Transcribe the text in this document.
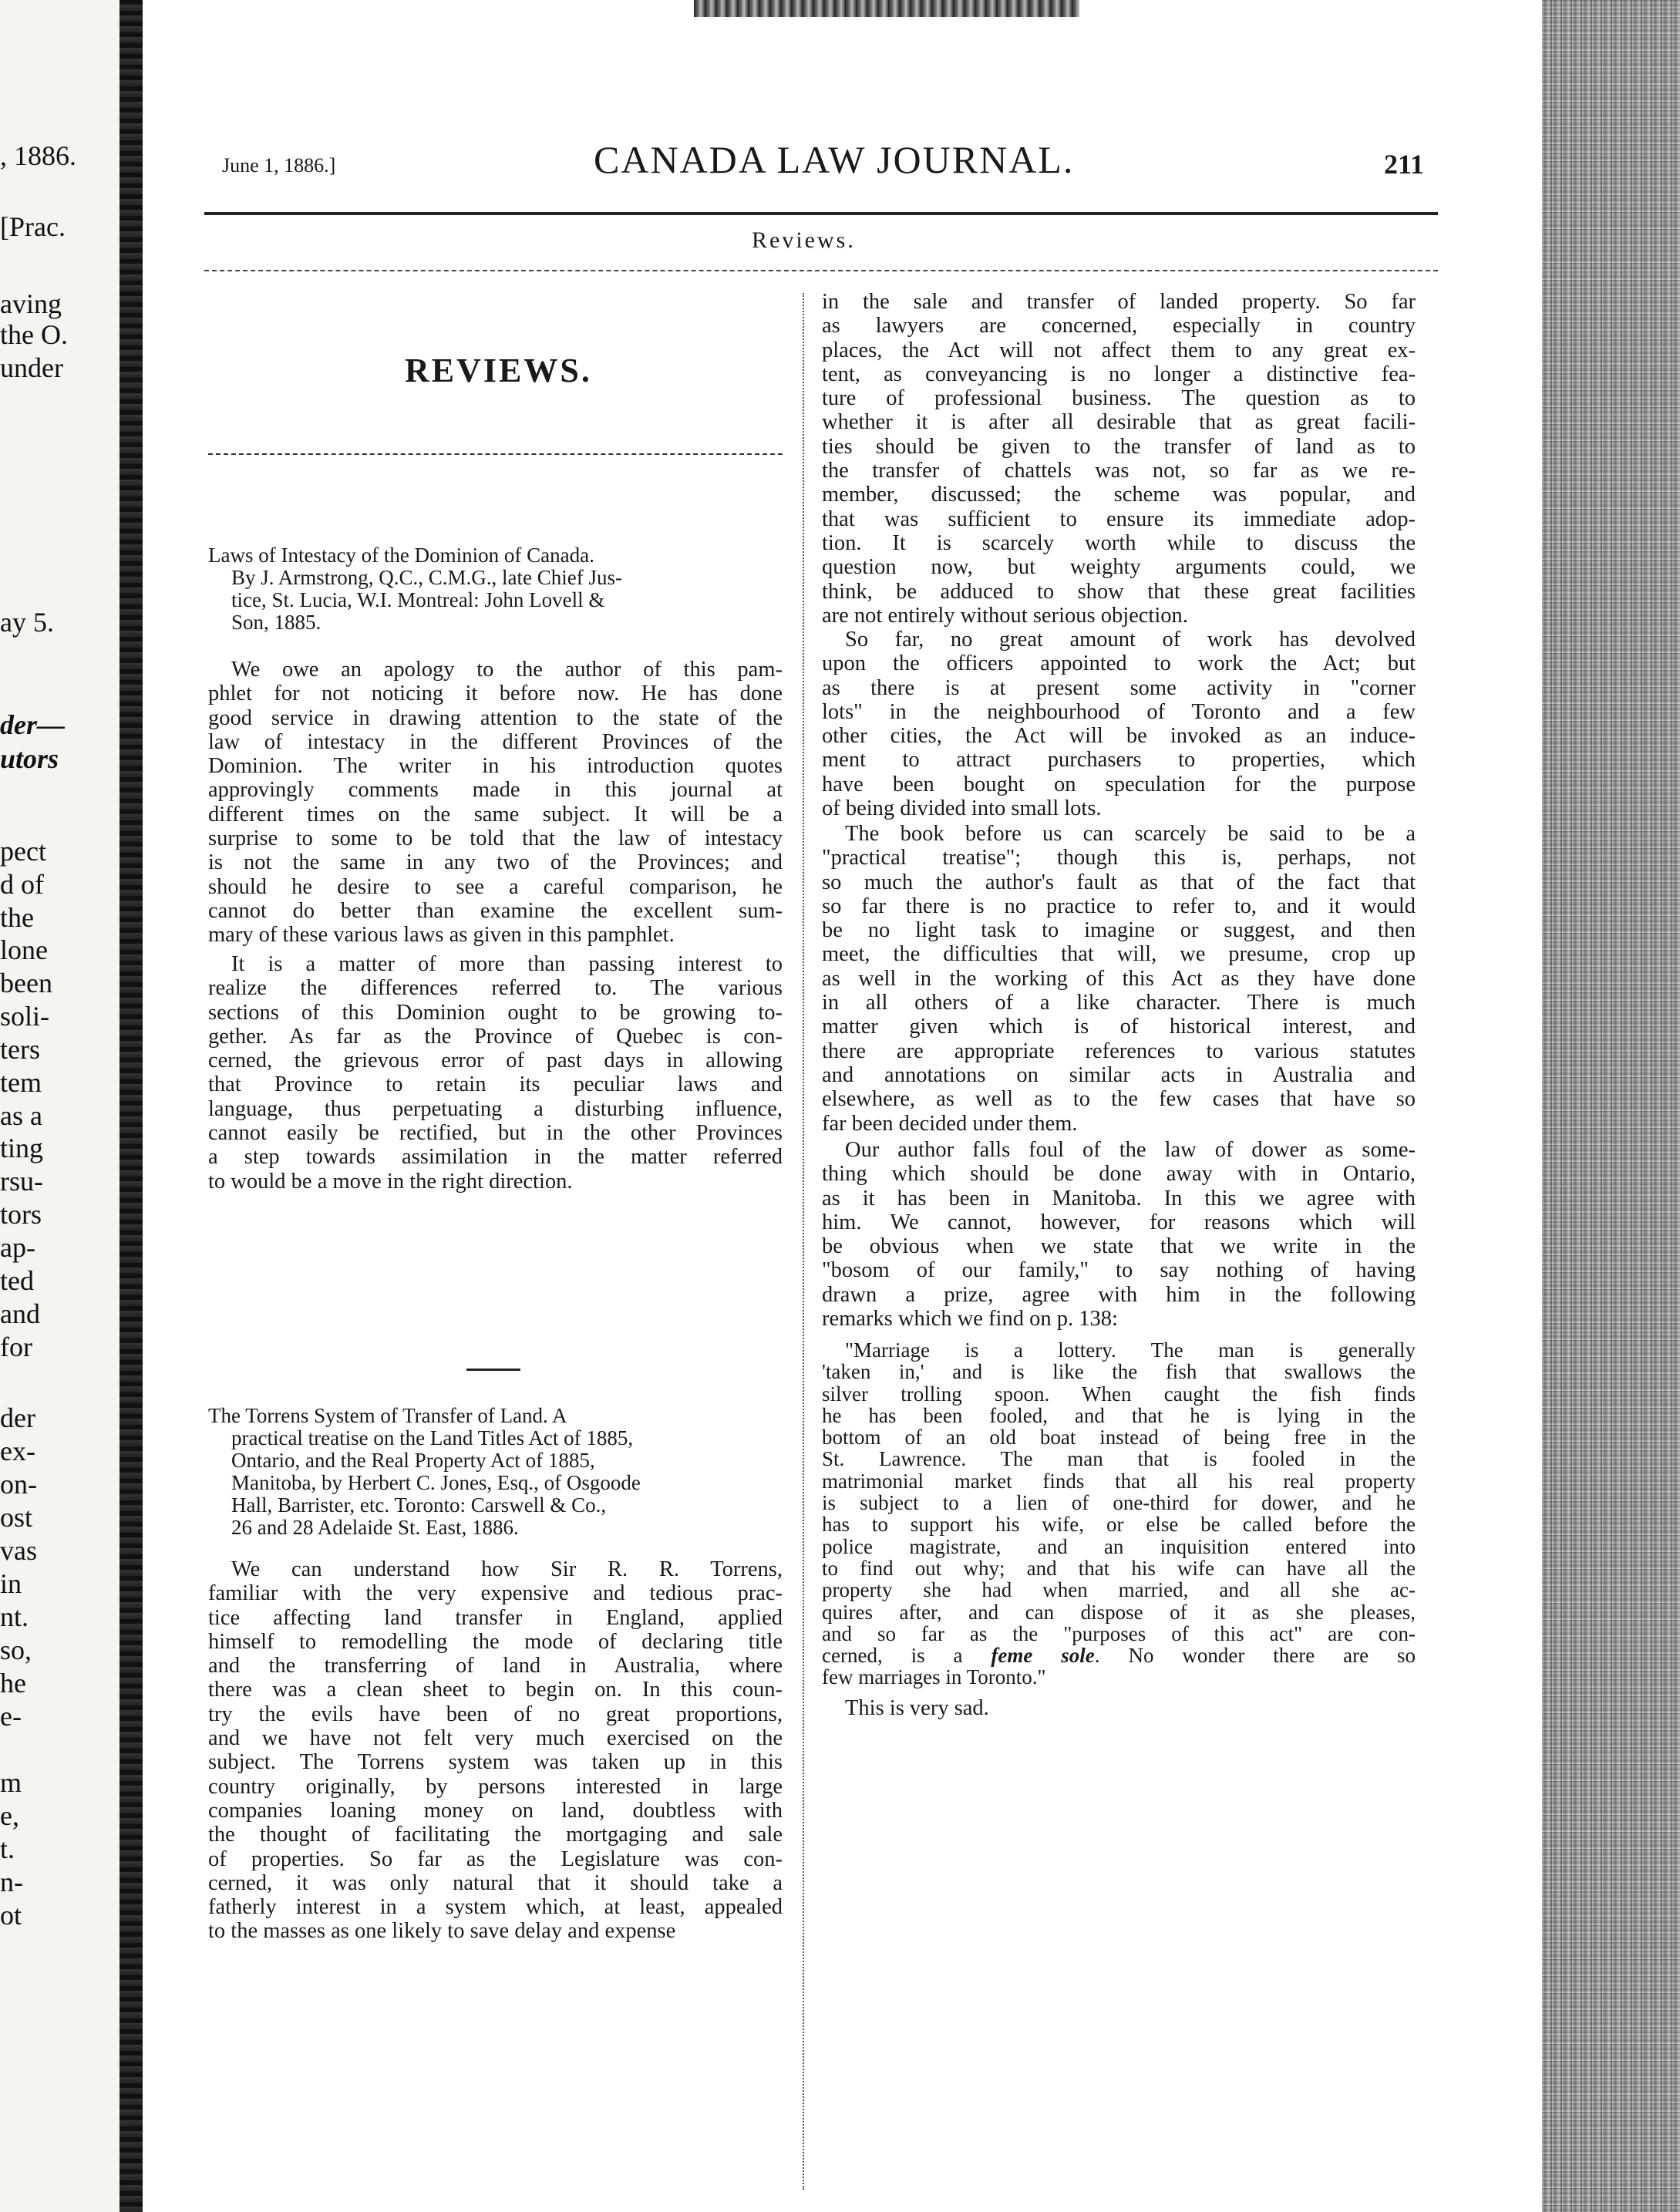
, 1886.
[Prac.
aving
the O.
under
ay 5.
der—
utors
pect
d of
the
lone
been
soli-
ters
tem
as a
ting
rsu-
tors
ap-
ted
and
for
der
ex-
on-
ost
vas
in
nt.
so,
he
e-
m
e,
t.
n-
ot
June 1, 1886.]	CANADA LAW JOURNAL.	211
Reviews.
REVIEWS.

Laws of Intestacy of the Dominion of Canada.
By J. Armstrong, Q.C., C.M.G., late Chief Jus-
tice, St. Lucia, W.I. Montreal: John Lovell &
Son, 1885.

We owe an apology to the author of this pam-
phlet for not noticing it before now. He has done
good service in drawing attention to the state of the
law of intestacy in the different Provinces of the
Dominion. The writer in his introduction quotes
approvingly comments made in this journal at
different times on the same subject. It will be a
surprise to some to be told that the law of intestacy
is not the same in any two of the Provinces; and
should he desire to see a careful comparison, he
cannot do better than examine the excellent sum-
mary of these various laws as given in this pamphlet.

It is a matter of more than passing interest to
realize the differences referred to. The various
sections of this Dominion ought to be growing to-
gether. As far as the Province of Quebec is con-
cerned, the grievous error of past days in allowing
that Province to retain its peculiar laws and
language, thus perpetuating a disturbing influence,
cannot easily be rectified, but in the other Provinces
a step towards assimilation in the matter referred
to would be a move in the right direction.

The Torrens System of Transfer of Land. A
practical treatise on the Land Titles Act of 1885,
Ontario, and the Real Property Act of 1885,
Manitoba, by Herbert C. Jones, Esq., of Osgoode
Hall, Barrister, etc. Toronto: Carswell & Co.,
26 and 28 Adelaide St. East, 1886.

We can understand how Sir R. R. Torrens,
familiar with the very expensive and tedious prac-
tice affecting land transfer in England, applied
himself to remodelling the mode of declaring title
and the transferring of land in Australia, where
there was a clean sheet to begin on. In this coun-
try the evils have been of no great proportions,
and we have not felt very much exercised on the
subject. The Torrens system was taken up in this
country originally, by persons interested in large
companies loaning money on land, doubtless with
the thought of facilitating the mortgaging and sale
of properties. So far as the Legislature was con-
cerned, it was only natural that it should take a
fatherly interest in a system which, at least, appealed
to the masses as one likely to save delay and expense

in the sale and transfer of landed property. So far
as lawyers are concerned, especially in country
places, the Act will not affect them to any great ex-
tent, as conveyancing is no longer a distinctive fea-
ture of professional business. The question as to
whether it is after all desirable that as great facili-
ties should be given to the transfer of land as to
the transfer of chattels was not, so far as we re-
member, discussed; the scheme was popular, and
that was sufficient to ensure its immediate adop-
tion. It is scarcely worth while to discuss the
question now, but weighty arguments could, we
think, be adduced to show that these great facilities
are not entirely without serious objection.

So far, no great amount of work has devolved
upon the officers appointed to work the Act; but
as there is at present some activity in "corner
lots" in the neighbourhood of Toronto and a few
other cities, the Act will be invoked as an induce-
ment to attract purchasers to properties, which
have been bought on speculation for the purpose
of being divided into small lots.

The book before us can scarcely be said to be a
"practical treatise"; though this is, perhaps, not
so much the author's fault as that of the fact that
so far there is no practice to refer to, and it would
be no light task to imagine or suggest, and then
meet, the difficulties that will, we presume, crop up
as well in the working of this Act as they have done
in all others of a like character. There is much
matter given which is of historical interest, and
there are appropriate references to various statutes
and annotations on similar acts in Australia and
elsewhere, as well as to the few cases that have so
far been decided under them.

Our author falls foul of the law of dower as some-
thing which should be done away with in Ontario,
as it has been in Manitoba. In this we agree with
him. We cannot, however, for reasons which will
be obvious when we state that we write in the
"bosom of our family," to say nothing of having
drawn a prize, agree with him in the following
remarks which we find on p. 138:

"Marriage is a lottery. The man is generally
'taken in,' and is like the fish that swallows the
silver trolling spoon. When caught the fish finds
he has been fooled, and that he is lying in the
bottom of an old boat instead of being free in the
St. Lawrence. The man that is fooled in the
matrimonial market finds that all his real property
is subject to a lien of one-third for dower, and he
has to support his wife, or else be called before the
police magistrate, and an inquisition entered into
to find out why; and that his wife can have all the
property she had when married, and all she ac-
quires after, and can dispose of it as she pleases,
and so far as the "purposes of this act" are con-
cerned, is a feme sole. No wonder there are so
few marriages in Toronto."

This is very sad.
